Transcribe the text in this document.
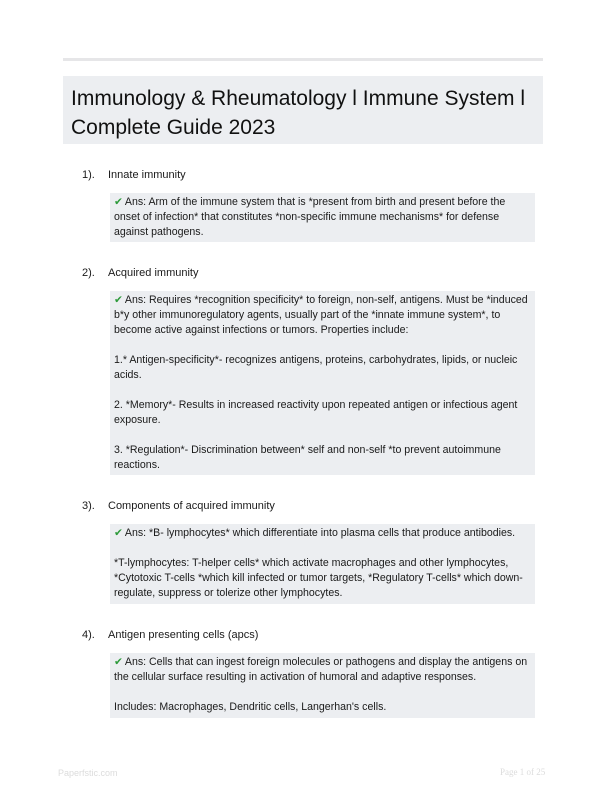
Immunology & Rheumatology l Immune System l Complete Guide 2023
1). Innate immunity

✔ Ans: Arm of the immune system that is *present from birth and present before the onset of infection* that constitutes *non-specific immune mechanisms* for defense against pathogens.

2). Acquired immunity

✔ Ans: Requires *recognition specificity* to foreign, non-self, antigens. Must be *induced b*y other immunoregulatory agents, usually part of the *innate immune system*, to become active against infections or tumors. Properties include:

1.* Antigen-specificity*- recognizes antigens, proteins, carbohydrates, lipids, or nucleic acids.

2. *Memory*- Results in increased reactivity upon repeated antigen or infectious agent exposure.

3. *Regulation*- Discrimination between* self and non-self *to prevent autoimmune reactions.

3). Components of acquired immunity

✔ Ans: *B- lymphocytes* which differentiate into plasma cells that produce antibodies.

*T-lymphocytes: T-helper cells* which activate macrophages and other lymphocytes, *Cytotoxic T-cells *which kill infected or tumor targets, *Regulatory T-cells* which down-regulate, suppress or tolerize other lymphocytes.

4). Antigen presenting cells (apcs)

✔ Ans: Cells that can ingest foreign molecules or pathogens and display the antigens on the cellular surface resulting in activation of humoral and adaptive responses.

Includes: Macrophages, Dendritic cells, Langerhan's cells.

Paperfstic.com	Page 1 of 25
